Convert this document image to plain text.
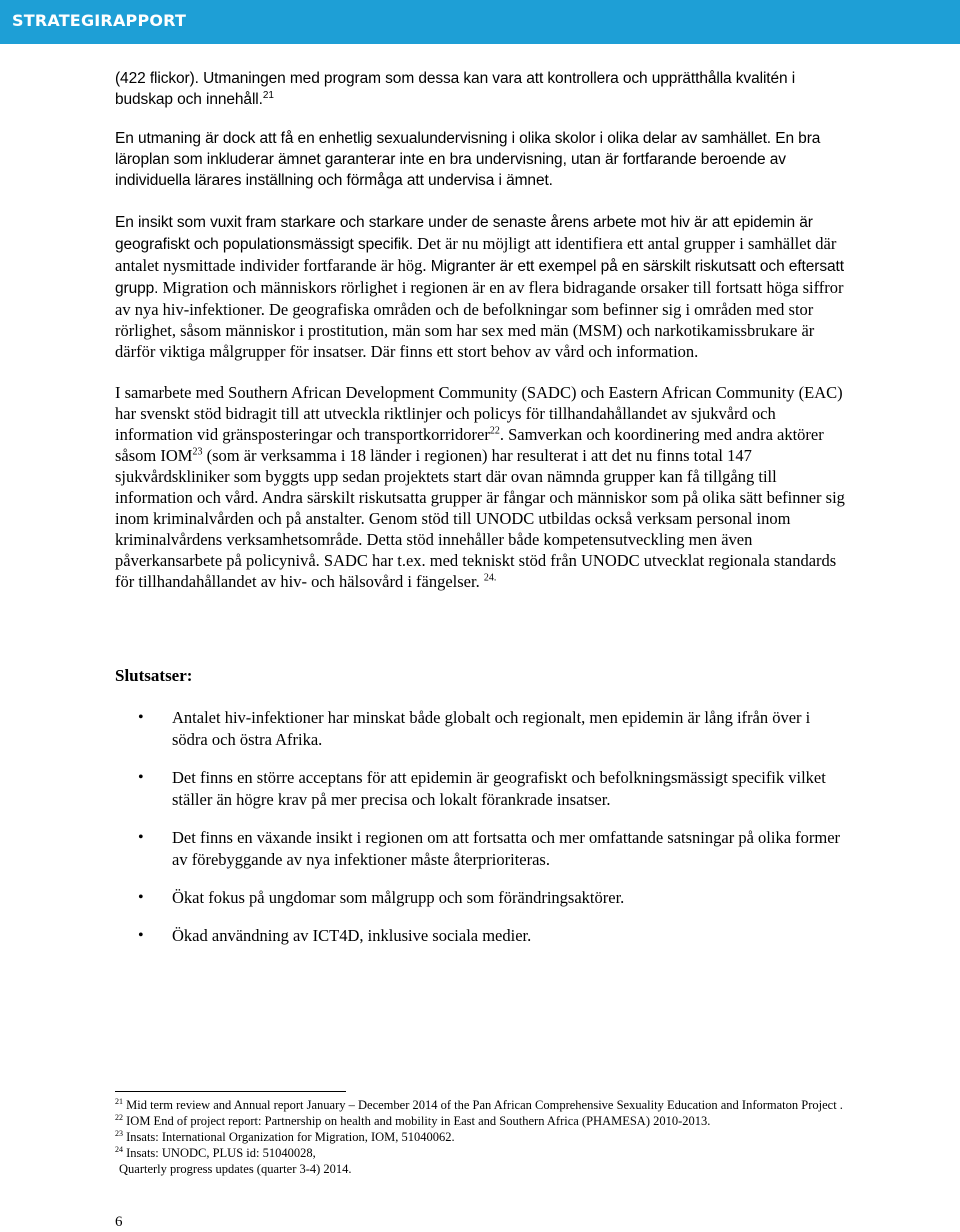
STRATEGIRAPPORT

(422 flickor). Utmaningen med program som dessa kan vara att kontrollera och upprätthålla kvalitén i budskap och innehåll.$^{21}$

En utmaning är dock att få en enhetlig sexualundervisning i olika skolor i olika delar av samhället. En bra läroplan som inkluderar ämnet garanterar inte en bra undervisning, utan är fortfarande beroende av individuella lärares inställning och förmåga att undervisa i ämnet.

En insikt som vuxit fram starkare och starkare under de senaste årens arbete mot hiv är att epidemin är geografiskt och populationsmässigt specifik. Det är nu möjligt att identifiera ett antal grupper i samhället där antalet nysmittade individer fortfarande är hög. Migranter är ett exempel på en särskilt riskutsatt och eftersatt grupp. Migration och människors rörlighet i regionen är en av flera bidragande orsaker till fortsatt höga siffror av nya hiv-infektioner. De geografiska områden och de befolkningar som befinner sig i områden med stor rörlighet, såsom människor i prostitution, män som har sex med män (MSM) och narkotikamissbrukare är därför viktiga målgrupper för insatser. Där finns ett stort behov av vård och information.

I samarbete med Southern African Development Community (SADC) och Eastern African Community (EAC) har svenskt stöd bidragit till att utveckla riktlinjer och policys för tillhandahållandet av sjukvård och information vid gränsposteringar och transportkorridorer$^{22}$. Samverkan och koordinering med andra aktörer såsom IOM$^{23}$ (som är verksamma i 18 länder i regionen) har resulterat i att det nu finns total 147 sjukvårdskliniker som byggts upp sedan projektets start där ovan nämnda grupper kan få tillgång till information och vård. Andra särskilt riskutsatta grupper är fångar och människor som på olika sätt befinner sig inom kriminalvården och på anstalter. Genom stöd till UNODC utbildas också verksam personal inom kriminalvårdens verksamhetsområde. Detta stöd innehåller både kompetensutveckling men även påverkansarbete på policynivå. SADC har t.ex. med tekniskt stöd från UNODC utvecklat regionala standards för tillhandahållandet av hiv- och hälsovård i fängelser. $^{24.}$

Slutsatser:
• Antalet hiv-infektioner har minskat både globalt och regionalt, men epidemin är lång ifrån över i södra och östra Afrika.
• Det finns en större acceptans för att epidemin är geografiskt och befolkningsmässigt specifik vilket ställer än högre krav på mer precisa och lokalt förankrade insatser.
• Det finns en växande insikt i regionen om att fortsatta och mer omfattande satsningar på olika former av förebyggande av nya infektioner måste återprioriteras.
• Ökat fokus på ungdomar som målgrupp och som förändringsaktörer.
• Ökad användning av ICT4D, inklusive sociala medier.
$^{21}$ Mid term review and Annual report January – December 2014 of the Pan African Comprehensive Sexuality Education and Informaton Project .
$^{22}$ IOM End of project report: Partnership on health and mobility in East and Southern Africa (PHAMESA) 2010-2013.
$^{23}$ Insats: International Organization for Migration, IOM, 51040062.
$^{24}$ Insats: UNODC, PLUS id: 51040028,
Quarterly progress updates (quarter 3-4) 2014.
6
